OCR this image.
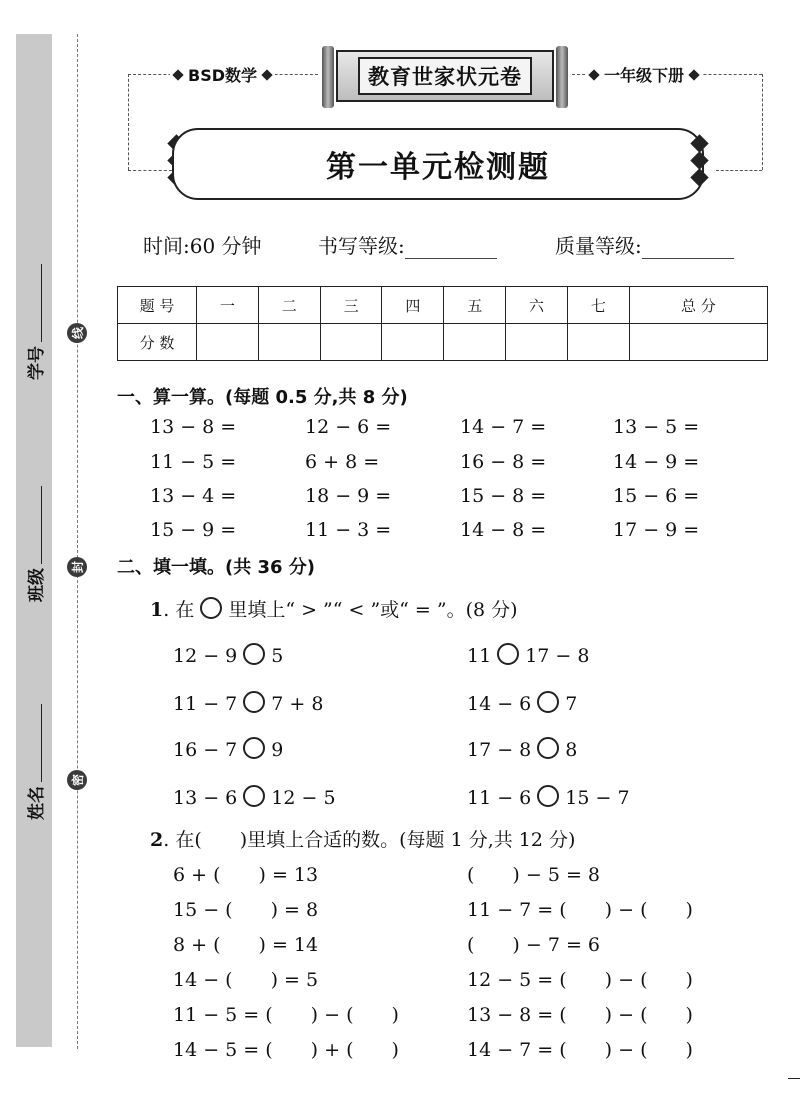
学号
班级
姓名
线
封
密
BSD数学	一年级下册
教育世家状元卷
第一单元检测题
时间:60 分钟	书写等级:	质量等级:
题 号	一	二	三	四	五	六	七	总 分
分 数								
一、算一算。(每题 0.5 分,共 8 分)
13 − 8 =	12 − 6 =	14 − 7 =	13 − 5 =
11 − 5 =	6 + 8 =	16 − 8 =	14 − 9 =
13 − 4 =	18 − 9 =	15 − 8 =	15 − 6 =
15 − 9 =	11 − 3 =	14 − 8 =	17 − 9 =
二、填一填。(共 36 分)
1. 在 里填上“ > ”“ < ”或“ = ”。(8 分)
12 − 9 5	11 17 − 8
11 − 7 7 + 8	14 − 6 7
16 − 7 9	17 − 8 8
13 − 6 12 − 5	11 − 6 15 − 7
2. 在(　　)里填上合适的数。(每题 1 分,共 12 分)
6 + (　　) = 13	(　　) − 5 = 8
15 − (　　) = 8	11 − 7 = (　　) − (　　)
8 + (　　) = 14	(　　) − 7 = 6
14 − (　　) = 5	12 − 5 = (　　) − (　　)
11 − 5 = (　　) − (　　)	13 − 8 = (　　) − (　　)
14 − 5 = (　　) + (　　)	14 − 7 = (　　) − (　　)
